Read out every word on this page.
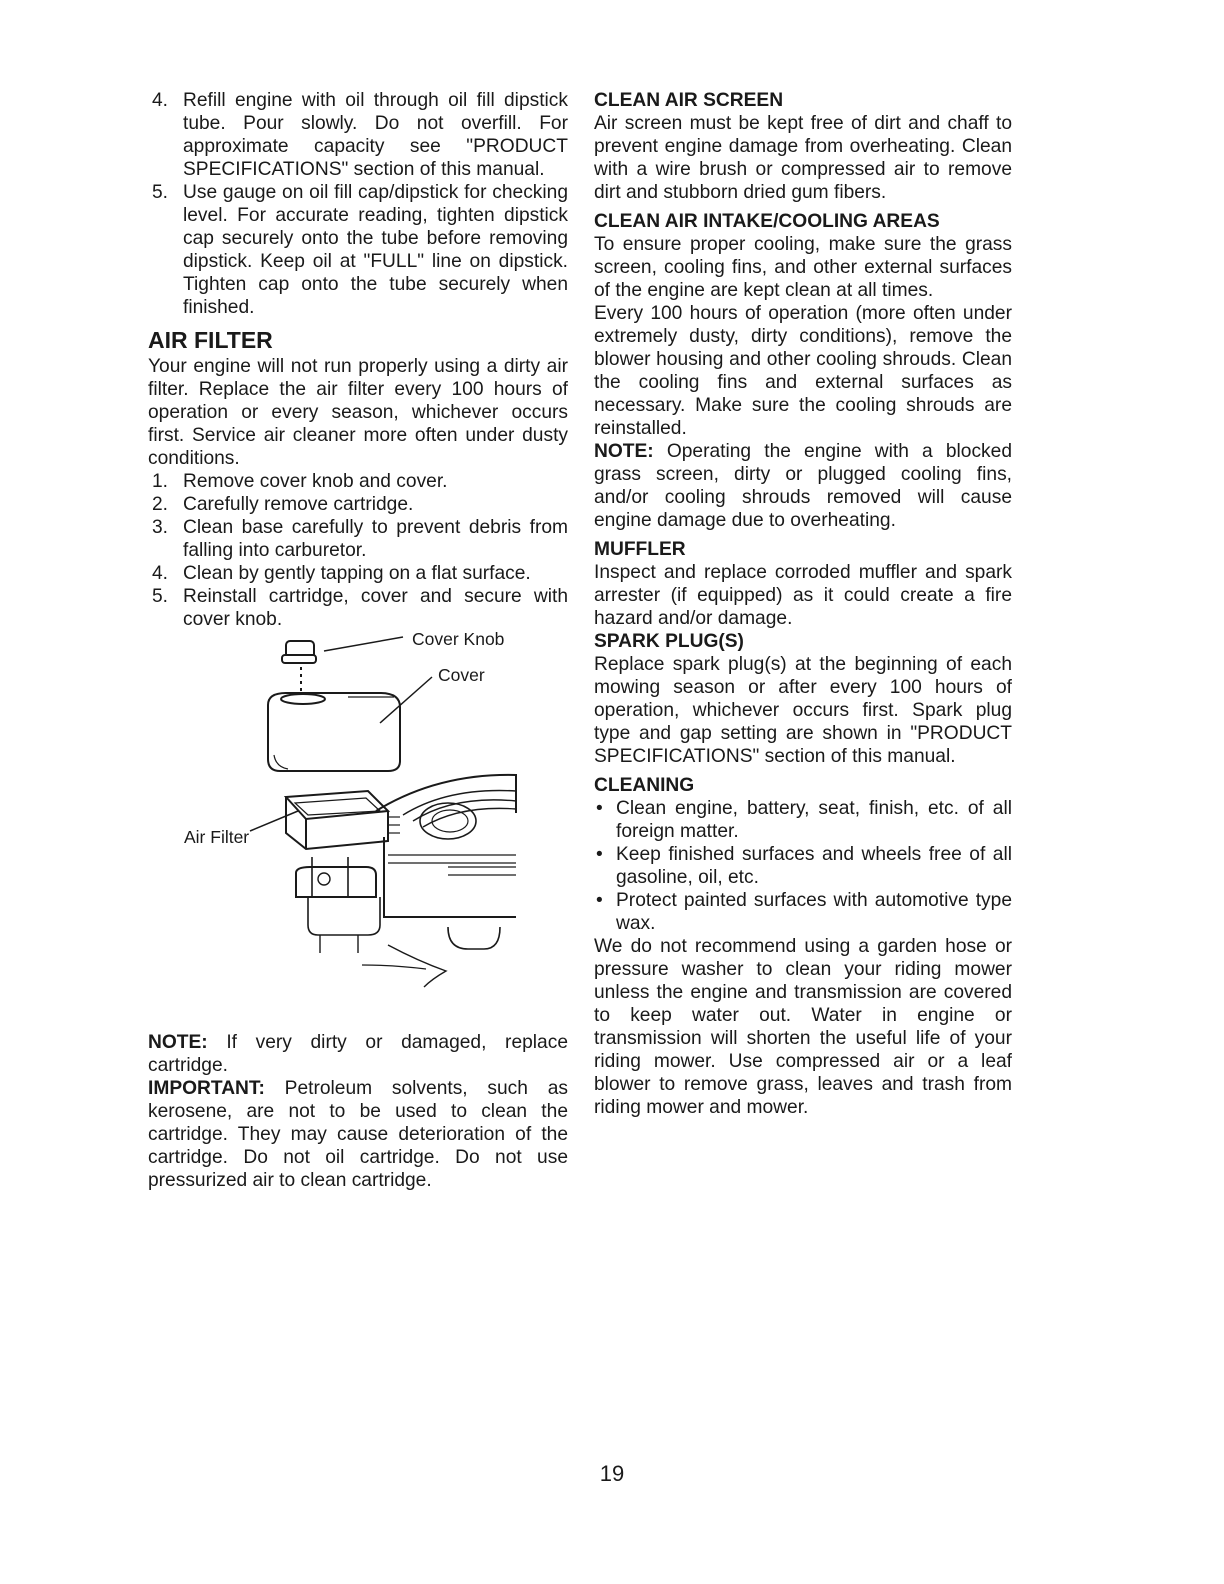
4. Refill engine with oil through oil fill dipstick tube. Pour slowly. Do not overfill. For approximate capacity see "PRODUCT SPECIFICATIONS" section of this manual.
5. Use gauge on oil fill cap/dipstick for checking level. For accurate reading, tighten dipstick cap securely onto the tube before removing dipstick. Keep oil at "FULL" line on dipstick. Tighten cap onto the tube securely when finished.
AIR FILTER

Your engine will not run properly using a dirty air filter. Replace the air filter every 100 hours of operation or every season, whichever occurs first. Service air cleaner more often under dusty conditions.

1. Remove cover knob and cover.
2. Carefully remove cartridge.
3. Clean base carefully to prevent debris from falling into carburetor.
4. Clean by gently tapping on a flat surface.
5. Reinstall cartridge, cover and secure with cover knob.
Cover Knob
Cover
Air Filter

NOTE: If very dirty or damaged, replace cartridge.

IMPORTANT: Petroleum solvents, such as kerosene, are not to be used to clean the cartridge. They may cause deterioration of the cartridge. Do not oil cartridge. Do not use pressurized air to clean cartridge.

CLEAN AIR SCREEN

Air screen must be kept free of dirt and chaff to prevent engine damage from overheating. Clean with a wire brush or compressed air to remove dirt and stubborn dried gum fibers.

CLEAN AIR INTAKE/COOLING AREAS

To ensure proper cooling, make sure the grass screen, cooling fins, and other external surfaces of the engine are kept clean at all times.

Every 100 hours of operation (more often under extremely dusty, dirty conditions), remove the blower housing and other cooling shrouds. Clean the cooling fins and external surfaces as necessary. Make sure the cooling shrouds are reinstalled.

NOTE: Operating the engine with a blocked grass screen, dirty or plugged cooling fins, and/or cooling shrouds removed will cause engine damage due to overheating.

MUFFLER

Inspect and replace corroded muffler and spark arrester (if equipped) as it could create a fire hazard and/or damage.

SPARK PLUG(S)

Replace spark plug(s) at the beginning of each mowing season or after every 100 hours of operation, whichever occurs first. Spark plug type and gap setting are shown in "PRODUCT SPECIFICATIONS" section of this manual.

CLEANING
• Clean engine, battery, seat, finish, etc. of all foreign matter.
• Keep finished surfaces and wheels free of all gasoline, oil, etc.
• Protect painted surfaces with automotive type wax.

We do not recommend using a garden hose or pressure washer to clean your riding mower unless the engine and transmission are covered to keep water out. Water in engine or transmission will shorten the useful life of your riding mower. Use compressed air or a leaf blower to remove grass, leaves and trash from riding mower and mower.

19
